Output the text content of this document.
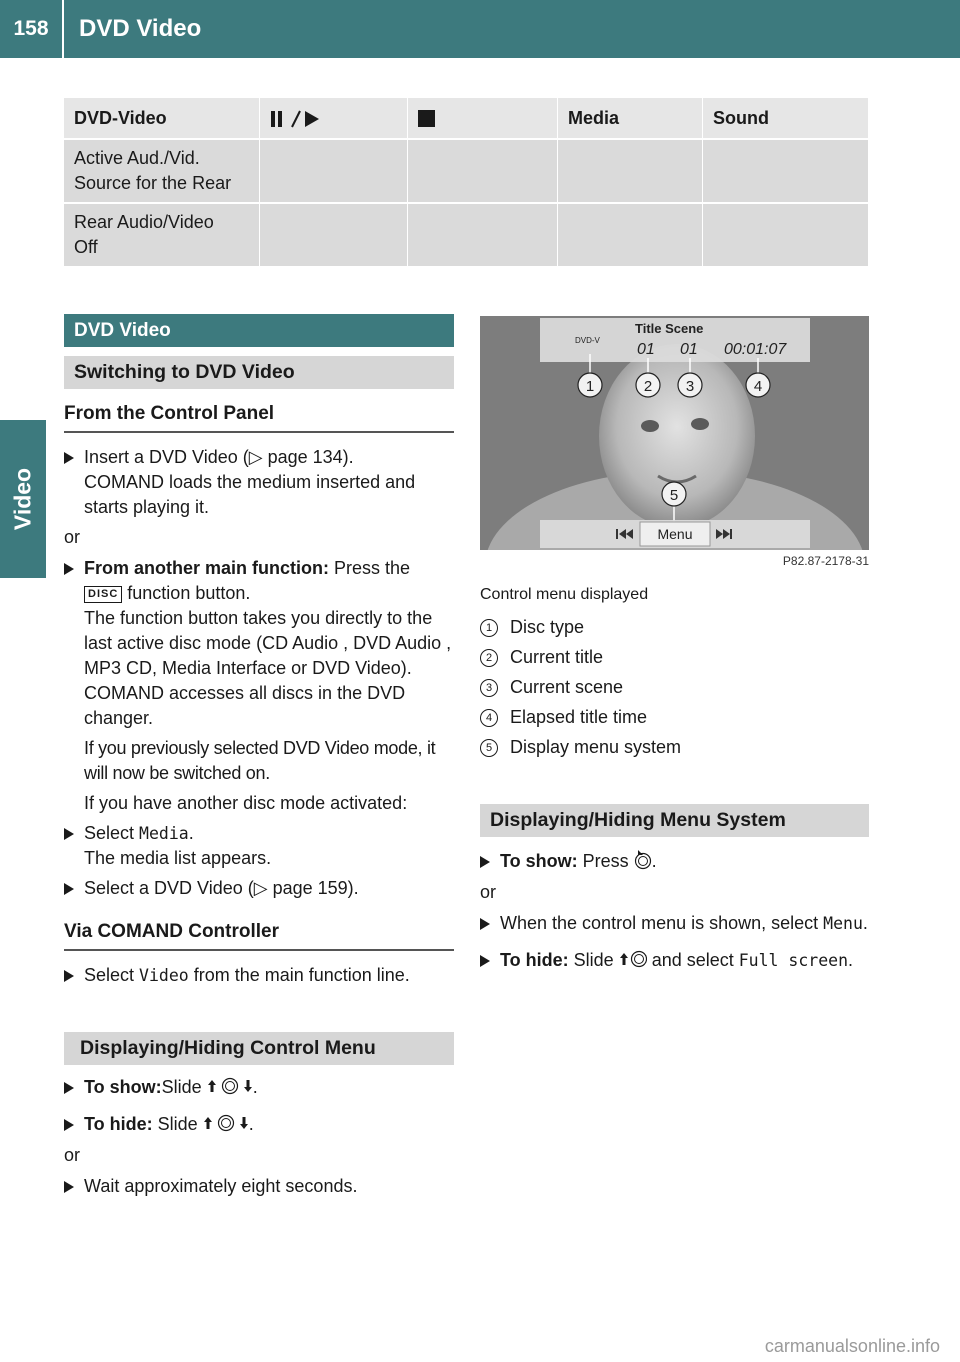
158	DVD Video
Video
DVD-Video			Media	Sound
Active Aud./Vid.
Source for the Rear				
Rear Audio/Video
Off				
DVD Video
Switching to DVD Video
From the Control Panel
Insert a DVD Video (▷ page 134).
COMAND loads the medium inserted and starts playing it.
or
From another main function: Press the
DISC function button.
The function button takes you directly to the last active disc mode (CD Audio , DVD Audio , MP3 CD, Media Interface or DVD Video). COMAND accesses all discs in the DVD changer.
If you previously selected DVD Video mode, it will now be switched on.
If you have another disc mode activated:
Select Media.
The media list appears.
Select a DVD Video (▷ page 159).
Via COMAND Controller
Select Video from the main function line.
Displaying/Hiding Control Menu
To show:Slide	.
To hide: Slide	.
or
Wait approximately eight seconds.
DVD-V
Title Scene
01 01 00:01:07
1	2 3	4
5
Menu
P82.87-2178-31
Control menu displayed
1 Disc type
2 Current title
3 Current scene
4 Elapsed title time
5 Display menu system
Displaying/Hiding Menu System
To show: Press .
or
When the control menu is shown, select Menu.
To hide: Slide  and select Full screen.
carmanualsonline.info
